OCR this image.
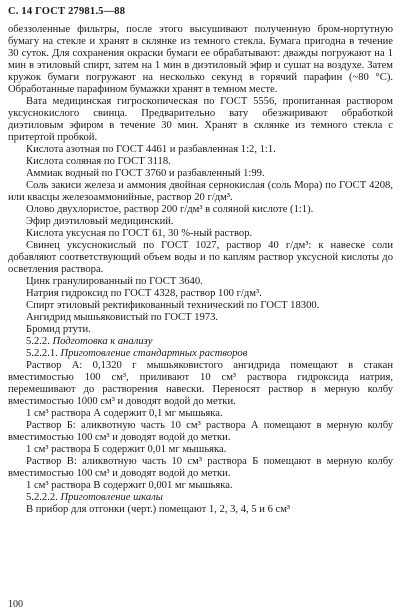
С. 14 ГОСТ 27981.5—88

обеззоленные фильтры, после этого высушивают полученную бром-нортутную бумагу на стекле и хранят в склянке из темного стекла. Бумага пригодна в течение 30 суток. Для сохранения окраски бумаги ее обрабатывают: дважды погружают на 1 мин в этиловый спирт, затем на 1 мин в диэтиловый эфир и сушат на воздухе. Затем кружок бумаги погружают на несколько секунд в горячий парафин (~80 °С). Обработанные парафином бумажки хранят в темном месте.

Вата медицинская гигроскопическая по ГОСТ 5556, пропитанная раствором уксуснокислого свинца. Предварительно вату обезжиривают обработкой диэтиловым эфиром в течение 30 мин. Хранят в склянке из темного стекла с притертой пробкой.

Кислота азотная по ГОСТ 4461 и разбавленная 1:2, 1:1.

Кислота соляная по ГОСТ 3118.

Аммиак водный по ГОСТ 3760 и разбавленный 1:99.

Соль закиси железа и аммония двойная сернокислая (соль Мора) по ГОСТ 4208, или квасцы железоаммонийные, раствор 20 г/дм³.

Олово двухлористое, раствор 200 г/дм³ в соляной кислоте (1:1).

Эфир диэтиловый медицинский.

Кислота уксусная по ГОСТ 61, 30 %-ный раствор.

Свинец уксуснокислый по ГОСТ 1027, раствор 40 г/дм³: к навеске соли добавляют соответствующий объем воды и по каплям раствор уксусной кислоты до осветления раствора.

Цинк гранулированный по ГОСТ 3640.

Натрия гидроксид по ГОСТ 4328, раствор 100 г/дм³.

Спирт этиловый ректификованный технический по ГОСТ 18300.

Ангидрид мышьяковистый по ГОСТ 1973.

Бромид ртути.

5.2.2. Подготовка к анализу

5.2.2.1. Приготовление стандартных растворов

Раствор А: 0,1320 г мышьяковистого ангидрида помещают в стакан вместимостью 100 см³, приливают 10 см³ раствора гидроксида натрия, перемешивают до растворения навески. Переносят раствор в мерную колбу вместимостью 1000 см³ и доводят водой до метки.

1 см³ раствора А содержит 0,1 мг мышьяка.

Раствор Б: аликвотную часть 10 см³ раствора А помещают в мерную колбу вместимостью 100 см³ и доводят водой до метки.

1 см³ раствора Б содержит 0,01 мг мышьяка.

Раствор В: аликвотную часть 10 см³ раствора Б помещают в мерную колбу вместимостью 100 см³ и доводят водой до метки.

1 см³ раствора В содержит 0,001 мг мышьяка.

5.2.2.2. Приготовление шкалы

В прибор для отгонки (черт.) помещают 1, 2, 3, 4, 5 и 6 см³

100
